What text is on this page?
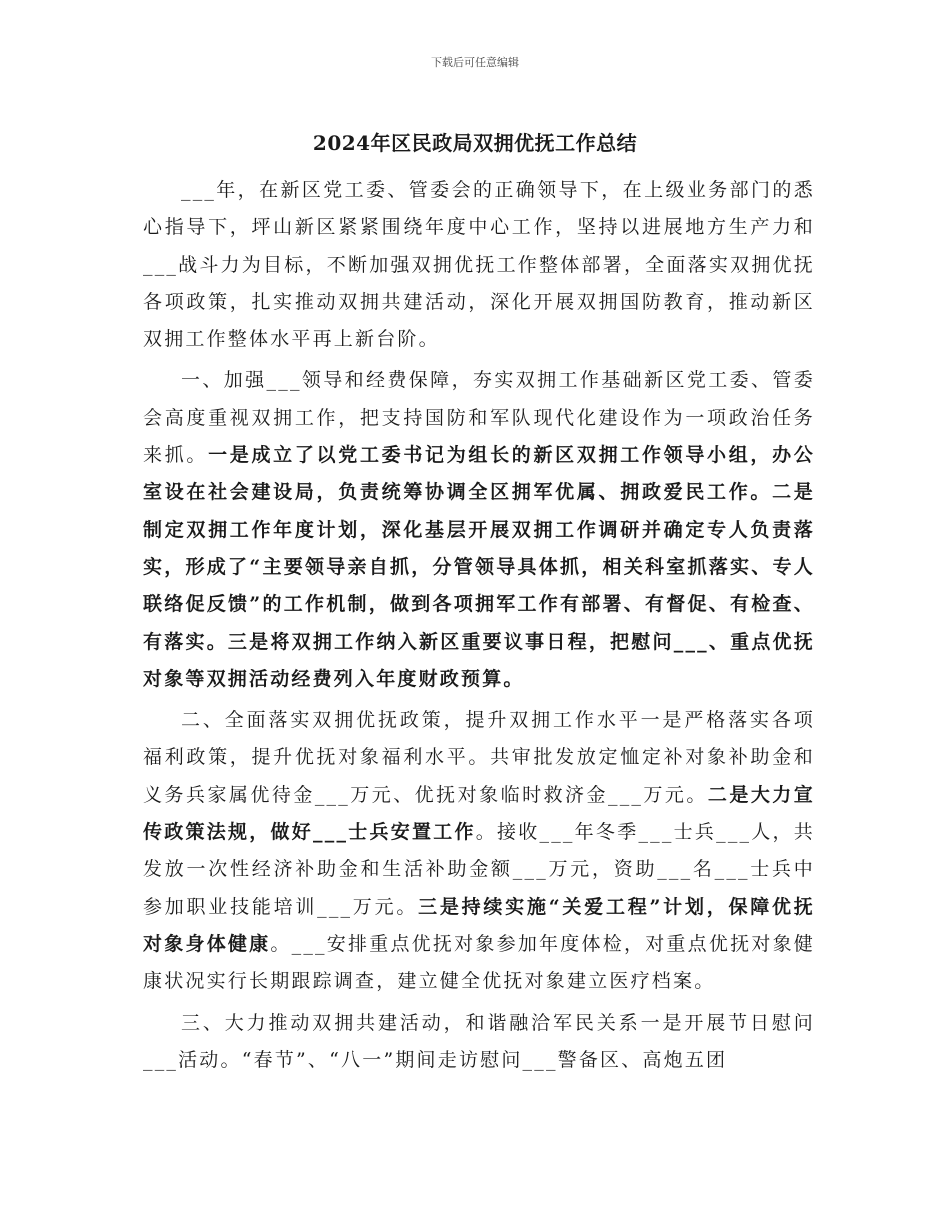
下载后可任意编辑
2024年区民政局双拥优抚工作总结

___年，在新区党工委、管委会的正确领导下，在上级业务部门的悉心指导下，坪山新区紧紧围绕年度中心工作，坚持以进展地方生产力和___战斗力为目标，不断加强双拥优抚工作整体部署，全面落实双拥优抚各项政策，扎实推动双拥共建活动，深化开展双拥国防教育，推动新区双拥工作整体水平再上新台阶。

一、加强___领导和经费保障，夯实双拥工作基础新区党工委、管委会高度重视双拥工作，把支持国防和军队现代化建设作为一项政治任务来抓。一是成立了以党工委书记为组长的新区双拥工作领导小组，办公室设在社会建设局，负责统筹协调全区拥军优属、拥政爱民工作。二是制定双拥工作年度计划，深化基层开展双拥工作调研并确定专人负责落实，形成了“主要领导亲自抓，分管领导具体抓，相关科室抓落实、专人联络促反馈”的工作机制，做到各项拥军工作有部署、有督促、有检查、有落实。三是将双拥工作纳入新区重要议事日程，把慰问___、重点优抚对象等双拥活动经费列入年度财政预算。

二、全面落实双拥优抚政策，提升双拥工作水平一是严格落实各项福利政策，提升优抚对象福利水平。共审批发放定恤定补对象补助金和义务兵家属优待金___万元、优抚对象临时救济金___万元。二是大力宣传政策法规，做好___士兵安置工作。接收___年冬季___士兵___人，共发放一次性经济补助金和生活补助金额___万元，资助___名___士兵中参加职业技能培训___万元。三是持续实施“关爱工程”计划，保障优抚对象身体健康。___安排重点优抚对象参加年度体检，对重点优抚对象健康状况实行长期跟踪调查，建立健全优抚对象建立医疗档案。

三、大力推动双拥共建活动，和谐融洽军民关系一是开展节日慰问___活动。“春节”、“八一”期间走访慰问___警备区、高炮五团
